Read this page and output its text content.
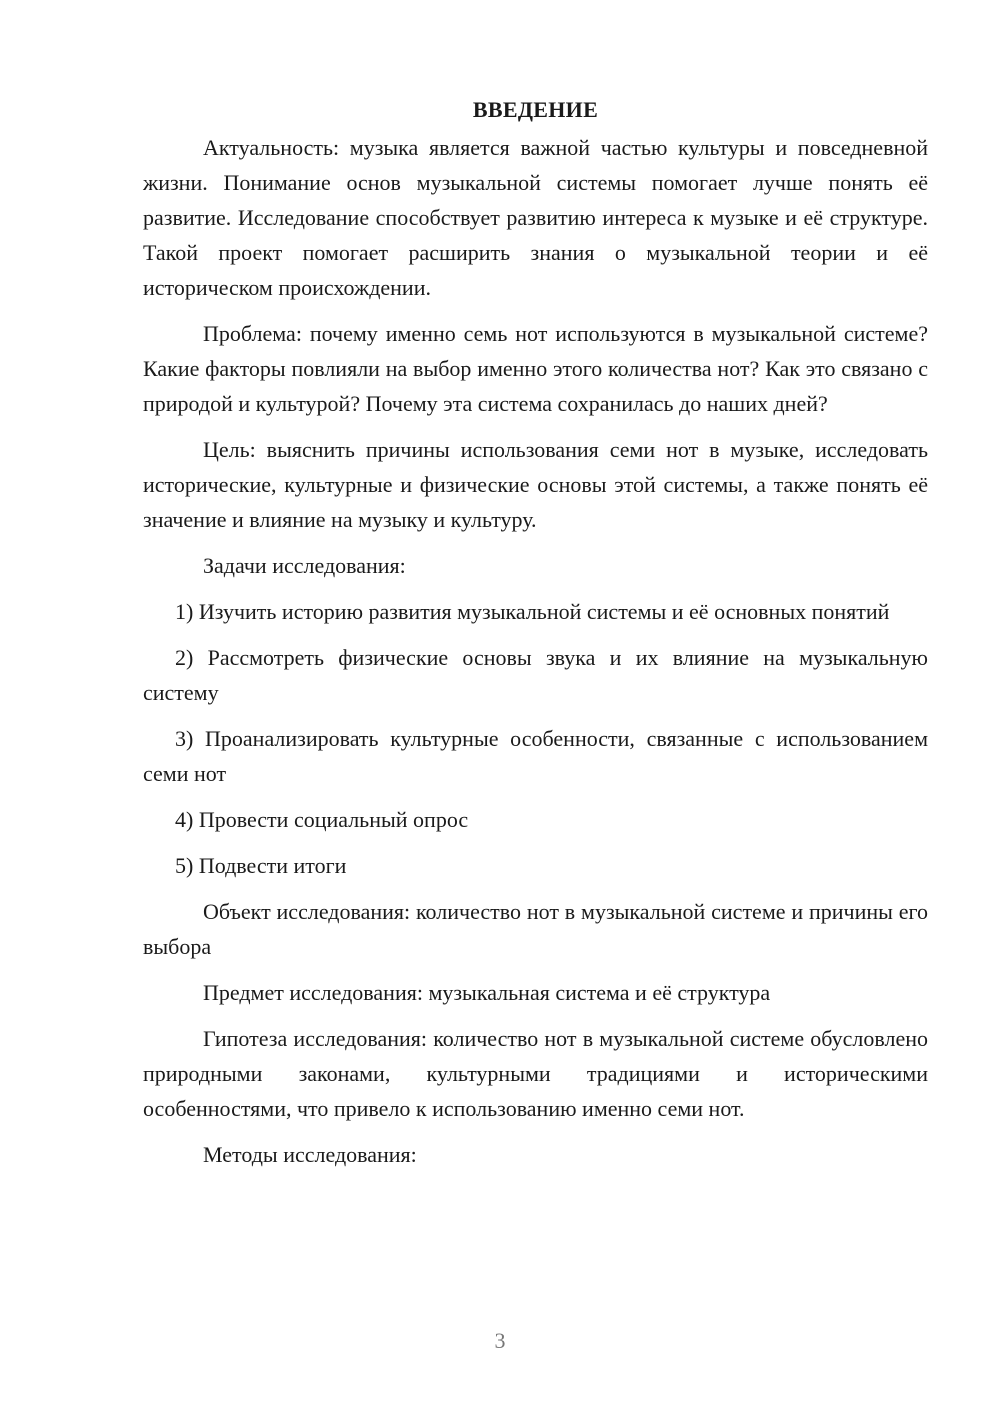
ВВЕДЕНИЕ

Актуальность: музыка является важной частью культуры и повседневной жизни. Понимание основ музыкальной системы помогает лучше понять её развитие. Исследование способствует развитию интереса к музыке и её структуре. Такой проект помогает расширить знания о музыкальной теории и её историческом происхождении.

Проблема: почему именно семь нот используются в музыкальной системе? Какие факторы повлияли на выбор именно этого количества нот? Как это связано с природой и культурой? Почему эта система сохранилась до наших дней?

Цель: выяснить причины использования семи нот в музыке, исследовать исторические, культурные и физические основы этой системы, а также понять её значение и влияние на музыку и культуру.

Задачи исследования:

1) Изучить историю развития музыкальной системы и её основных понятий

2) Рассмотреть физические основы звука и их влияние на музыкальную систему

3) Проанализировать культурные особенности, связанные с использованием семи нот

4) Провести социальный опрос

5) Подвести итоги

Объект исследования: количество нот в музыкальной системе и причины его выбора

Предмет исследования: музыкальная система и её структура

Гипотеза исследования: количество нот в музыкальной системе обусловлено природными законами, культурными традициями и историческими особенностями, что привело к использованию именно семи нот.

Методы исследования:

3
